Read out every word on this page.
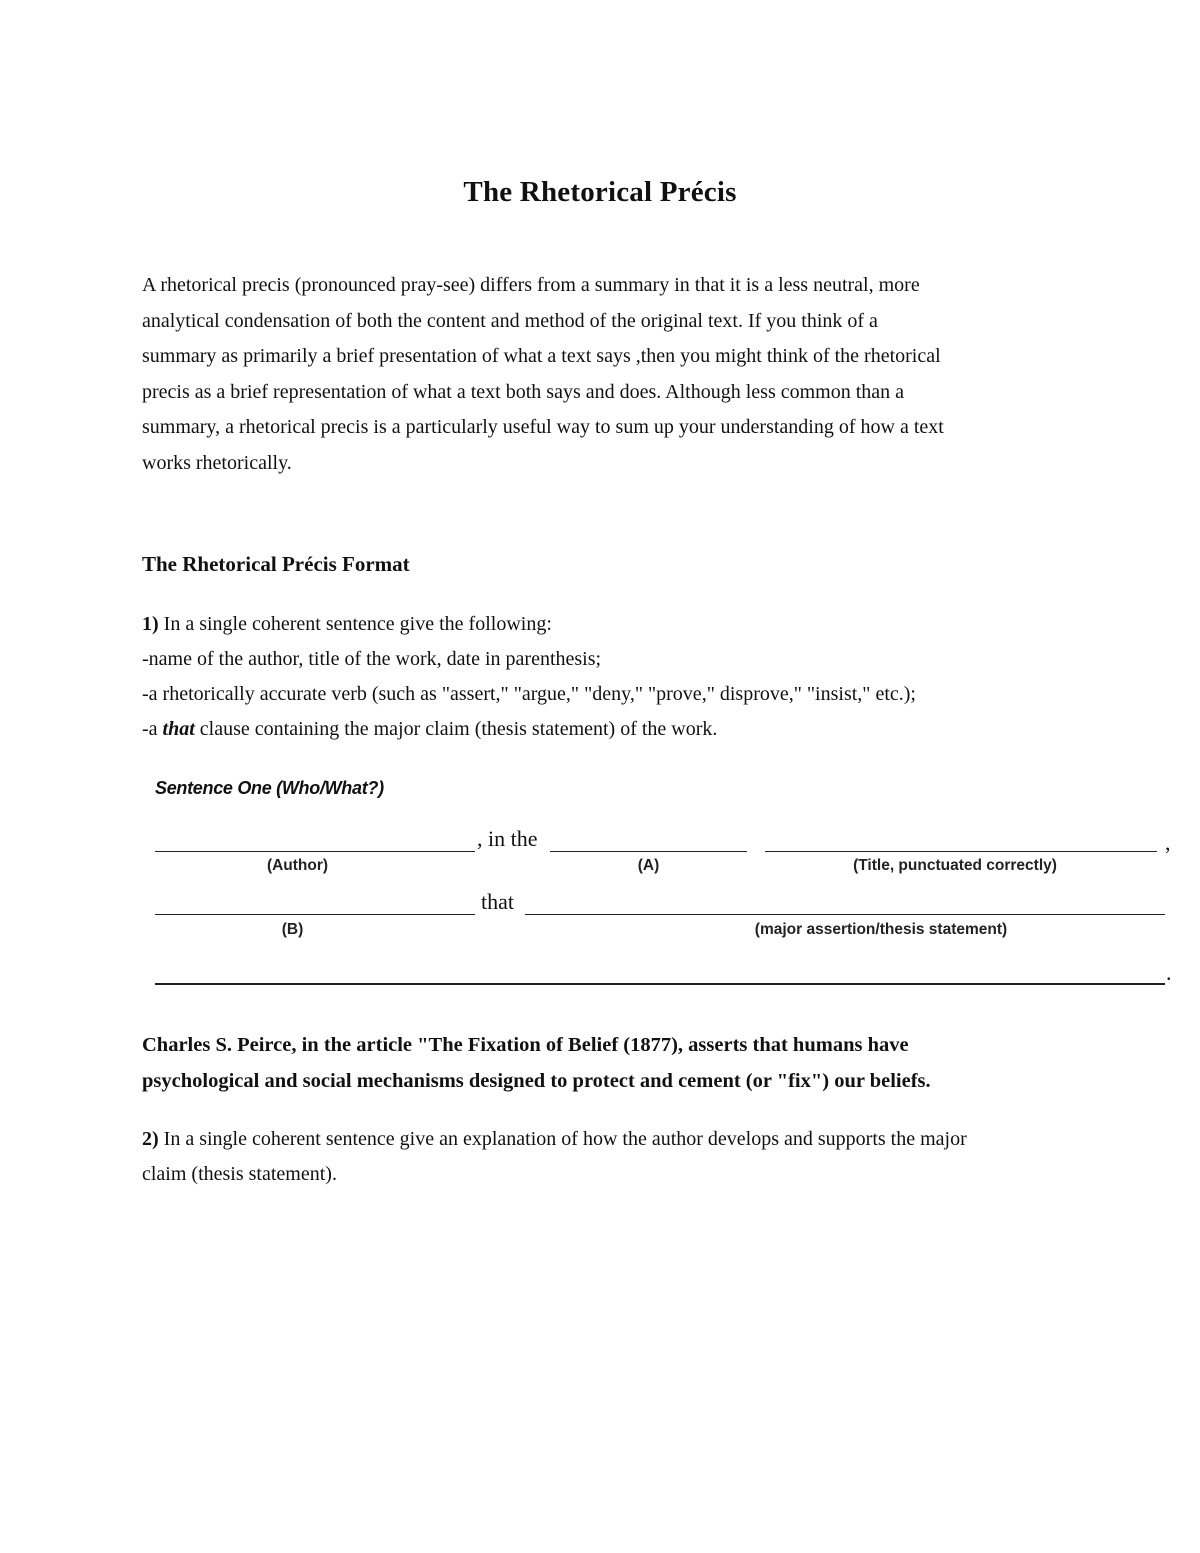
The Rhetorical Précis
A rhetorical precis (pronounced pray-see) differs from a summary in that it is a less neutral, more
analytical condensation of both the content and method of the original text. If you think of a
summary as primarily a brief presentation of what a text says ,then you might think of the rhetorical
precis as a brief representation of what a text both says and does. Although less common than a
summary, a rhetorical precis is a particularly useful way to sum up your understanding of how a text
works rhetorically.
The Rhetorical Précis Format
1) In a single coherent sentence give the following:
-name of the author, title of the work, date in parenthesis;
-a rhetorically accurate verb (such as "assert," "argue," "deny," "prove," disprove," "insist," etc.);
-a that clause containing the major claim (thesis statement) of the work.
Sentence One (Who/What?)
, in the	,
(Author)	(A)	(Title, punctuated correctly)
that
(B)	(major assertion/thesis statement)
.
Charles S. Peirce, in the article "The Fixation of Belief (1877), asserts that humans have
psychological and social mechanisms designed to protect and cement (or "fix") our beliefs.
2) In a single coherent sentence give an explanation of how the author develops and supports the major
claim (thesis statement).
